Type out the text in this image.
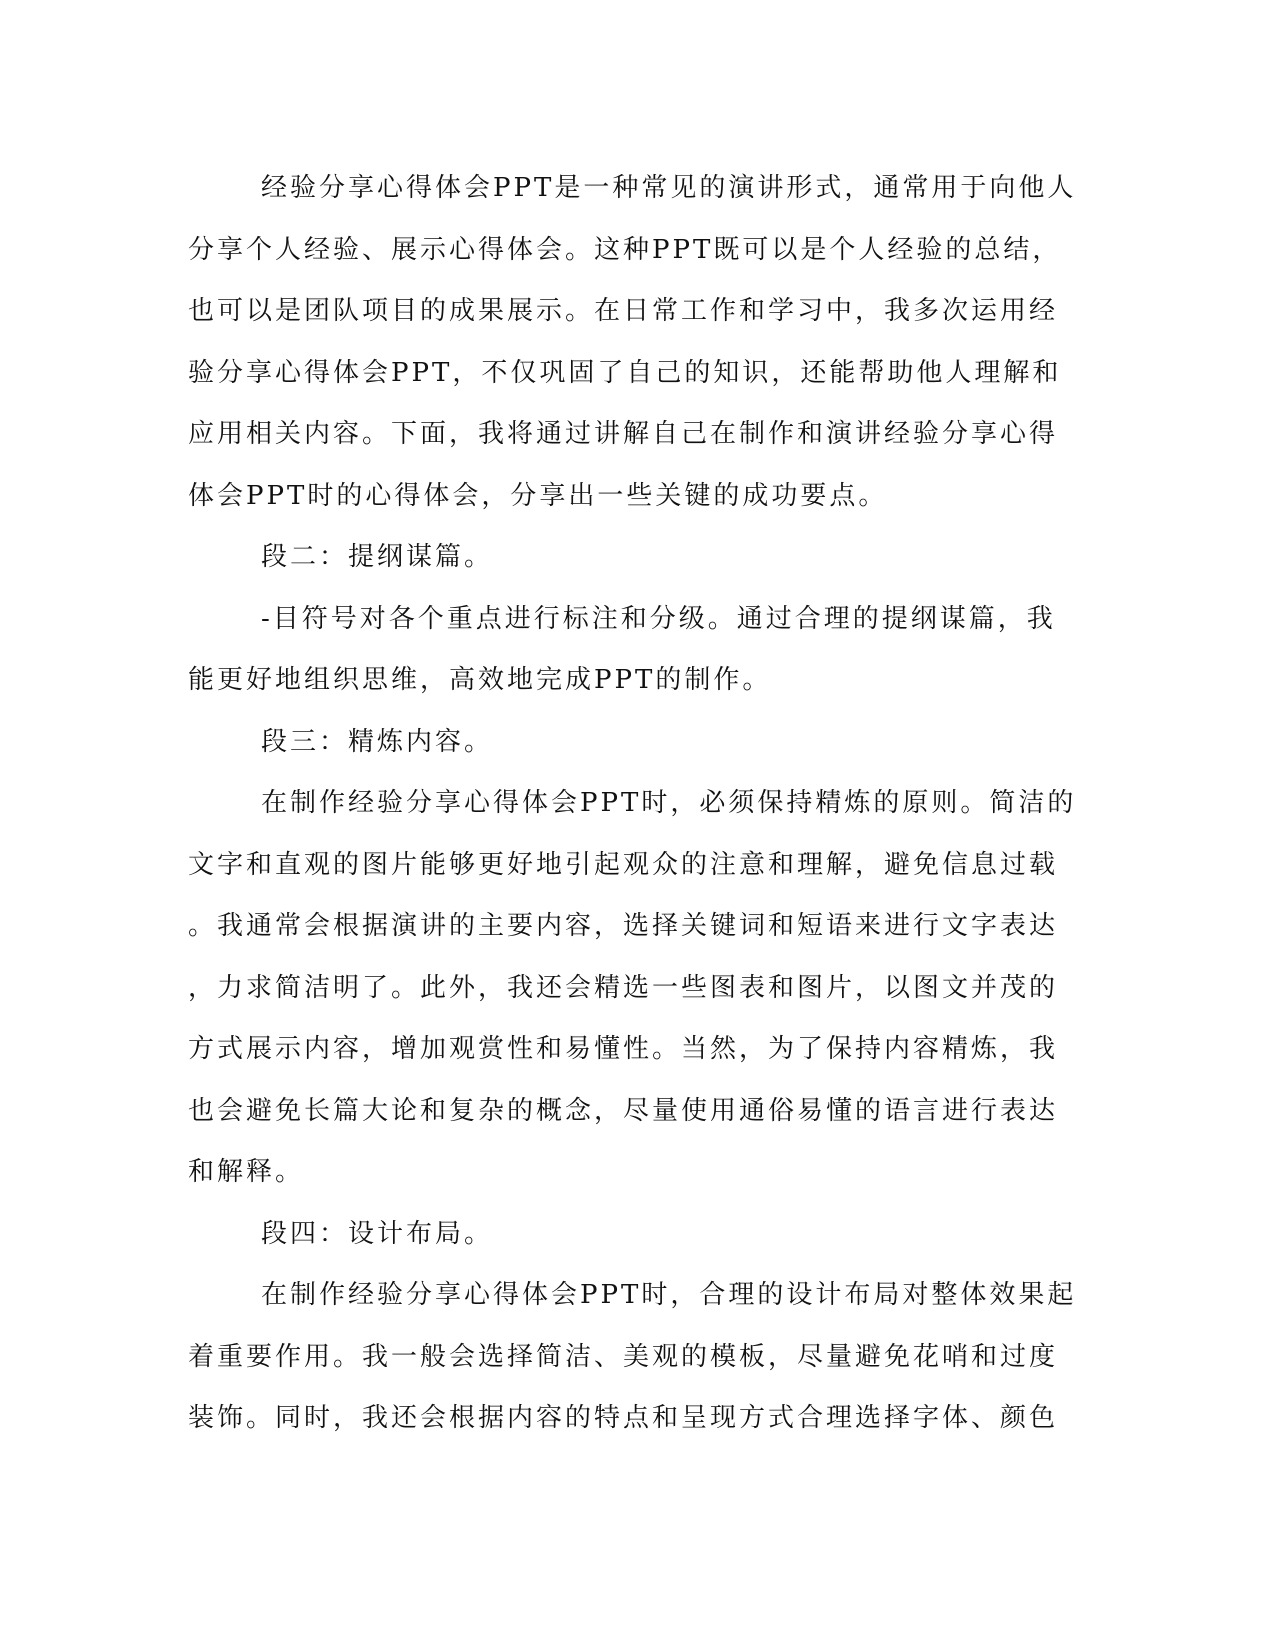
经验分享心得体会PPT是一种常见的演讲形式，通常用于向他人
分享个人经验、展示心得体会。这种PPT既可以是个人经验的总结，
也可以是团队项目的成果展示。在日常工作和学习中，我多次运用经
验分享心得体会PPT，不仅巩固了自己的知识，还能帮助他人理解和
应用相关内容。下面，我将通过讲解自己在制作和演讲经验分享心得
体会PPT时的心得体会，分享出一些关键的成功要点。
段二：提纲谋篇。
-目符号对各个重点进行标注和分级。通过合理的提纲谋篇，我
能更好地组织思维，高效地完成PPT的制作。
段三：精炼内容。
在制作经验分享心得体会PPT时，必须保持精炼的原则。简洁的
文字和直观的图片能够更好地引起观众的注意和理解，避免信息过载
。我通常会根据演讲的主要内容，选择关键词和短语来进行文字表达
，力求简洁明了。此外，我还会精选一些图表和图片，以图文并茂的
方式展示内容，增加观赏性和易懂性。当然，为了保持内容精炼，我
也会避免长篇大论和复杂的概念，尽量使用通俗易懂的语言进行表达
和解释。
段四：设计布局。
在制作经验分享心得体会PPT时，合理的设计布局对整体效果起
着重要作用。我一般会选择简洁、美观的模板，尽量避免花哨和过度
装饰。同时，我还会根据内容的特点和呈现方式合理选择字体、颜色
